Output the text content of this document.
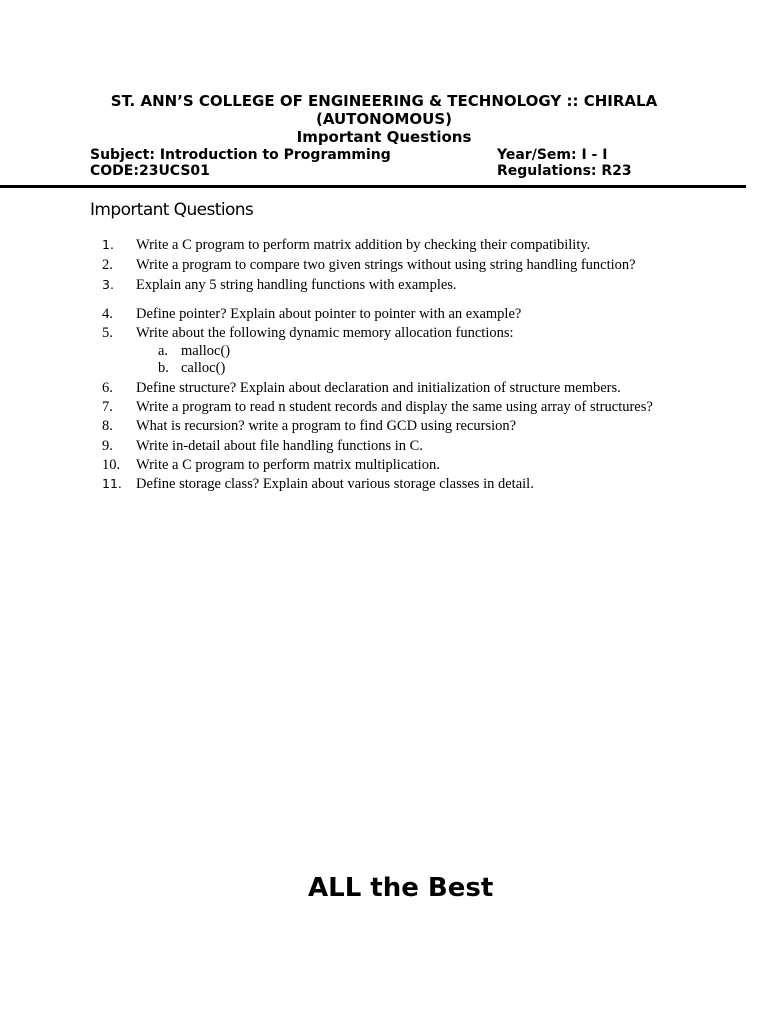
ST. ANN’S COLLEGE OF ENGINEERING & TECHNOLOGY :: CHIRALA
(AUTONOMOUS)
Important Questions
Subject: Introduction to Programming
CODE:23UCS01
Year/Sem: I - I
Regulations: R23
Important Questions
1.	Write a C program to perform matrix addition by checking their compatibility.
2.	Write a program to compare two given strings without using string handling function?
3.	Explain any 5 string handling functions with examples.
4.	Define pointer? Explain about pointer to pointer with an example?
5.	Write about the following dynamic memory allocation functions:
a. malloc()
b. calloc()
6.	Define structure? Explain about declaration and initialization of structure members.
7.	Write a program to read n student records and display the same using array of structures?
8.	What is recursion? write a program to find GCD using recursion?
9.	Write in-detail about file handling functions in C.
10.	Write a C program to perform matrix multiplication.
11. Define storage class? Explain about various storage classes in detail.
ALL the Best
